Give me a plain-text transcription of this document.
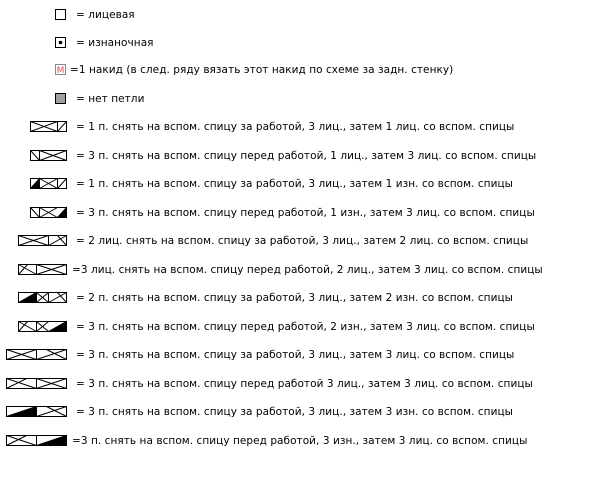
= лицевая
= изнаночная
M =1 накид (в след. ряду вязать этот накид по схеме за задн. стенку)
= нет петли
= 1 п. снять на вспом. спицу за работой, 3 лиц., затем 1 лиц. со вспом. спицы
= 3 п. снять на вспом. спицу перед работой, 1 лиц., затем 3 лиц. со вспом. спицы
= 1 п. снять на вспом. спицу за работой, 3 лиц., затем 1 изн. со вспом. спицы
= 3 п. снять на вспом. спицу перед работой, 1 изн., затем 3 лиц. со вспом. спицы
= 2 лиц. снять на вспом. спицу за работой, 3 лиц., затем 2 лиц. со вспом. спицы
=3 лиц. снять на вспом. спицу перед работой, 2 лиц., затем 3 лиц. со вспом. спицы
= 2 п. снять на вспом. спицу за работой, 3 лиц., затем 2 изн. со вспом. спицы
= 3 п. снять на вспом. спицу перед работой, 2 изн., затем 3 лиц. со вспом. спицы
= 3 п. снять на вспом. спицу за работой, 3 лиц., затем 3 лиц. со вспом. спицы
= 3 п. снять на вспом. спицу перед работой 3 лиц., затем 3 лиц. со вспом. спицы
= 3 п. снять на вспом. спицу за работой, 3 лиц., затем 3 изн. со вспом. спицы
=3 п. снять на вспом. спицу перед работой, 3 изн., затем 3 лиц. со вспом. спицы
